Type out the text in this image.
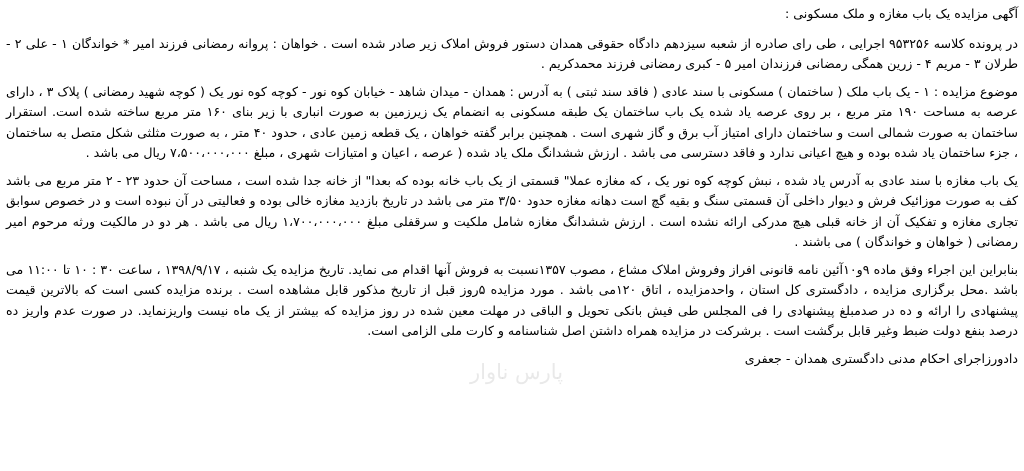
آگهی مزایده یک باب مغازه و ملک مسکونی :

در پرونده کلاسه ۹۵۳۲۵۶ اجرایی ، طی رای صادره از شعبه سیزدهم دادگاه حقوقی همدان دستور فروش املاک زیر صادر شده است . خواهان : پروانه رمضانی فرزند امیر * خواندگان ۱ - علی ۲ - طرلان ۳ - مریم ۴ - زرین همگی رمضانی فرزندان امیر ۵ - کبری رمضانی فرزند محمدکریم .

موضوع مزایده : ۱ - یک باب ملک ( ساختمان ) مسکونی با سند عادی ( فاقد سند ثبتی ) به آدرس : همدان - میدان شاهد - خیابان کوه نور - کوچه کوه نور یک ( کوچه شهید رمضانی ) پلاک ۳ ، دارای عرصه به مساحت ۱۹۰ متر مربع ، بر روی عرصه یاد شده یک باب ساختمان یک طبقه مسکونی به انضمام یک زیرزمین به صورت انباری با زیر بنای ۱۶۰ متر مربع ساخته شده است. استقرار ساختمان به صورت شمالی است و ساختمان دارای امتیاز آب برق و گاز شهری است . همچنین برابر گفته خواهان ، یک قطعه زمین عادی ، حدود ۴۰ متر ، به صورت مثلثی شکل متصل به ساختمان ، جزء ساختمان یاد شده بوده و هیچ اعیانی ندارد و فاقد دسترسی می باشد . ارزش ششدانگ ملک یاد شده ( عرصه ، اعیان و امتیازات شهری ، مبلغ ۷،۵۰۰،۰۰۰،۰۰۰ ریال می باشد .

یک باب مغازه با سند عادی به آدرس یاد شده ، نبش کوچه کوه نور یک ، که مغازه عملا" قسمتی از یک باب خانه بوده که بعدا" از خانه جدا شده است ، مساحت آن حدود ۲۳ - ۲ متر مربع می باشد کف به صورت موزائیک فرش و دیوار داخلی آن قسمتی سنگ و بقیه گچ است دهانه مغازه حدود ۳/۵۰ متر می باشد در تاریخ بازدید مغازه خالی بوده و فعالیتی در آن نبوده است و در خصوص سوابق تجاری مغازه و تفکیک آن از خانه قبلی هیچ مدرکی ارائه نشده است . ارزش ششدانگ مغازه شامل ملکیت و سرقفلی مبلغ ۱،۷۰۰،۰۰۰،۰۰۰ ریال می باشد . هر دو در مالکیت ورثه مرحوم امیر رمضانی ( خواهان و خواندگان ) می باشند .

بنابراین این اجراء وفق ماده ۹و۱۰آئین نامه قانونی افراز وفروش املاک مشاع ، مصوب ۱۳۵۷نسبت به فروش آنها اقدام می نماید. تاریخ مزایده یک شنبه ، ۱۳۹۸/۹/۱۷ ، ساعت ۳۰ : ۱۰ تا ۱۱:۰۰ می باشد .محل برگزاری مزایده ، دادگستری کل استان ، واحدمزایده ، اتاق ۱۲۰می باشد . مورد مزایده ۵روز قبل از تاریخ مذکور قابل مشاهده است . برنده مزایده کسی است که بالاترین قیمت پیشنهادی را ارائه و ده در صدمبلغ پیشنهادی را فی المجلس طی فیش بانکی تحویل و الباقی در مهلت معین شده در روز مزایده که بیشتر از یک ماه نیست واریزنماید. در صورت عدم واریز ده درصد بنفع دولت ضبط وغیر قابل برگشت است . برشرکت در مزایده همراه داشتن اصل شناسنامه و کارت ملی الزامی است.

دادورزاجرای احکام مدنی دادگستری همدان - جعفری

پارس ناوار
